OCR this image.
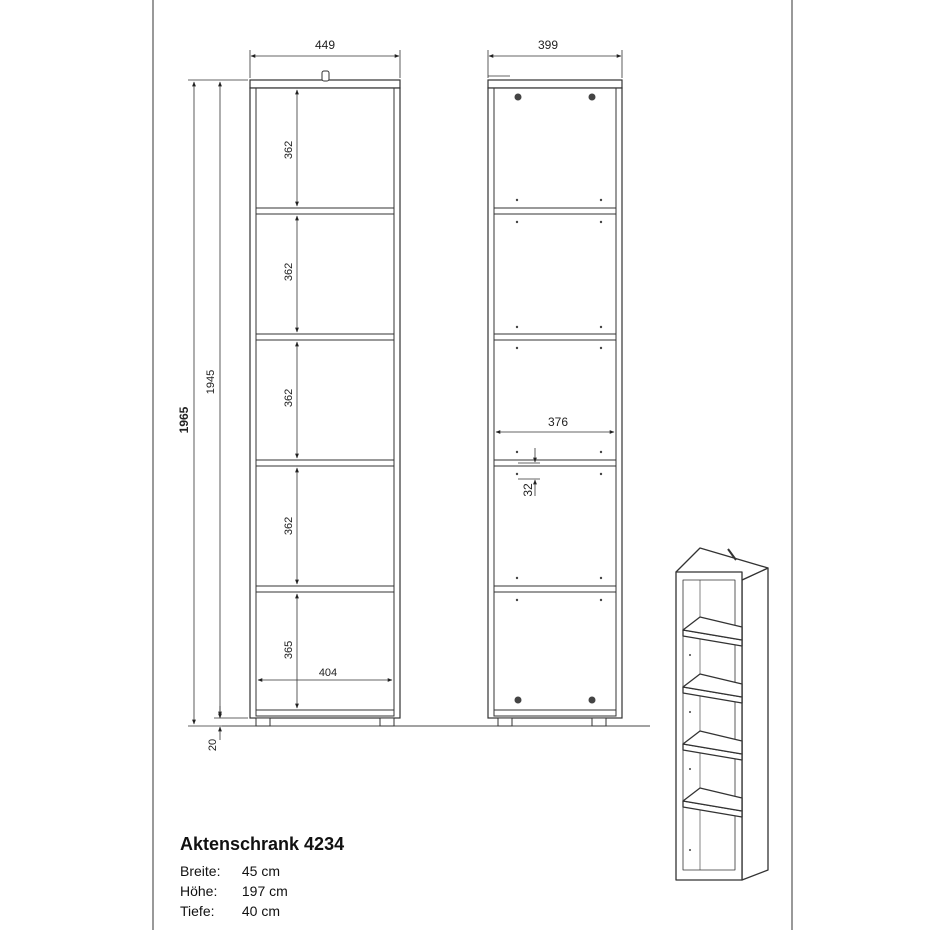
362
362
362
362
365
404
449
1965
1945
20
399
376
32
Aktenschrank 4234
Breite: 45 cm
Höhe: 197 cm
Tiefe: 40 cm
